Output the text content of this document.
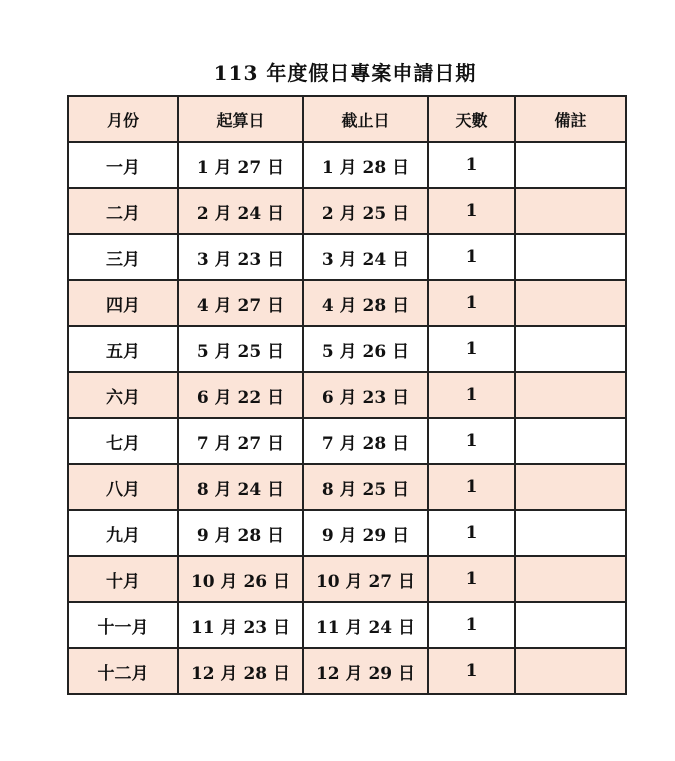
113 年度假日專案申請日期
月份	起算日	截止日	天數	備註
一月	1 月 27 日	1 月 28 日	1	
二月	2 月 24 日	2 月 25 日	1	
三月	3 月 23 日	3 月 24 日	1	
四月	4 月 27 日	4 月 28 日	1	
五月	5 月 25 日	5 月 26 日	1	
六月	6 月 22 日	6 月 23 日	1	
七月	7 月 27 日	7 月 28 日	1	
八月	8 月 24 日	8 月 25 日	1	
九月	9 月 28 日	9 月 29 日	1	
十月	10 月 26 日	10 月 27 日	1	
十一月	11 月 23 日	11 月 24 日	1	
十二月	12 月 28 日	12 月 29 日	1	
